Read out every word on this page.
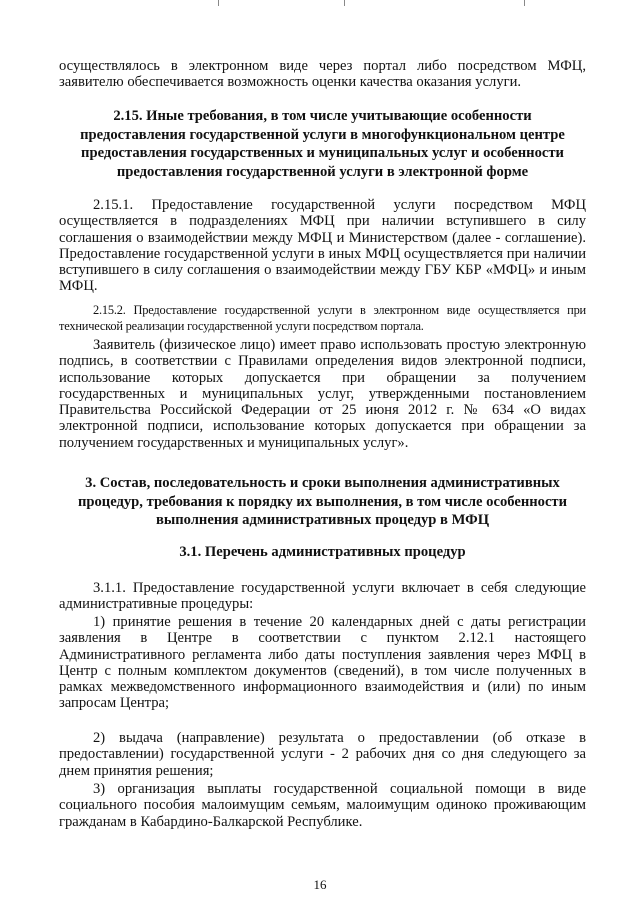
осуществлялось в электронном виде через портал либо посредством МФЦ, заявителю обеспечивается возможность оценки качества оказания услуги.

2.15. Иные требования, в том числе учитывающие особенности предоставления государственной услуги в многофункциональном центре предоставления государственных и муниципальных услуг и особенности предоставления государственной услуги в электронной форме

2.15.1. Предоставление государственной услуги посредством МФЦ осуществляется в подразделениях МФЦ при наличии вступившего в силу соглашения о взаимодействии между МФЦ и Министерством (далее - соглашение). Предоставление государственной услуги в иных МФЦ осуществляется при наличии вступившего в силу соглашения о взаимодействии между ГБУ КБР «МФЦ» и иным МФЦ.

2.15.2. Предоставление государственной услуги в электронном виде осуществляется при технической реализации государственной услуги посредством портала.

Заявитель (физическое лицо) имеет право использовать простую электронную подпись, в соответствии с Правилами определения видов электронной подписи, использование которых допускается при обращении за получением государственных и муниципальных услуг, утвержденными постановлением Правительства Российской Федерации от 25 июня 2012 г. № 634 «О видах электронной подписи, использование которых допускается при обращении за получением государственных и муниципальных услуг».

3. Состав, последовательность и сроки выполнения административных процедур, требования к порядку их выполнения, в том числе особенности выполнения административных процедур в МФЦ

3.1. Перечень административных процедур

3.1.1. Предоставление государственной услуги включает в себя следующие административные процедуры:

1) принятие решения в течение 20 календарных дней с даты регистрации заявления в Центре в соответствии с пунктом 2.12.1 настоящего Административного регламента либо даты поступления заявления через МФЦ в Центр с полным комплектом документов (сведений), в том числе полученных в рамках межведомственного информационного взаимодействия и (или) по иным запросам Центра;

2) выдача (направление) результата о предоставлении (об отказе в предоставлении) государственной услуги - 2 рабочих дня со дня следующего за днем принятия решения;

3) организация выплаты государственной социальной помощи в виде социального пособия малоимущим семьям, малоимущим одиноко проживающим гражданам в Кабардино-Балкарской Республике.

16
